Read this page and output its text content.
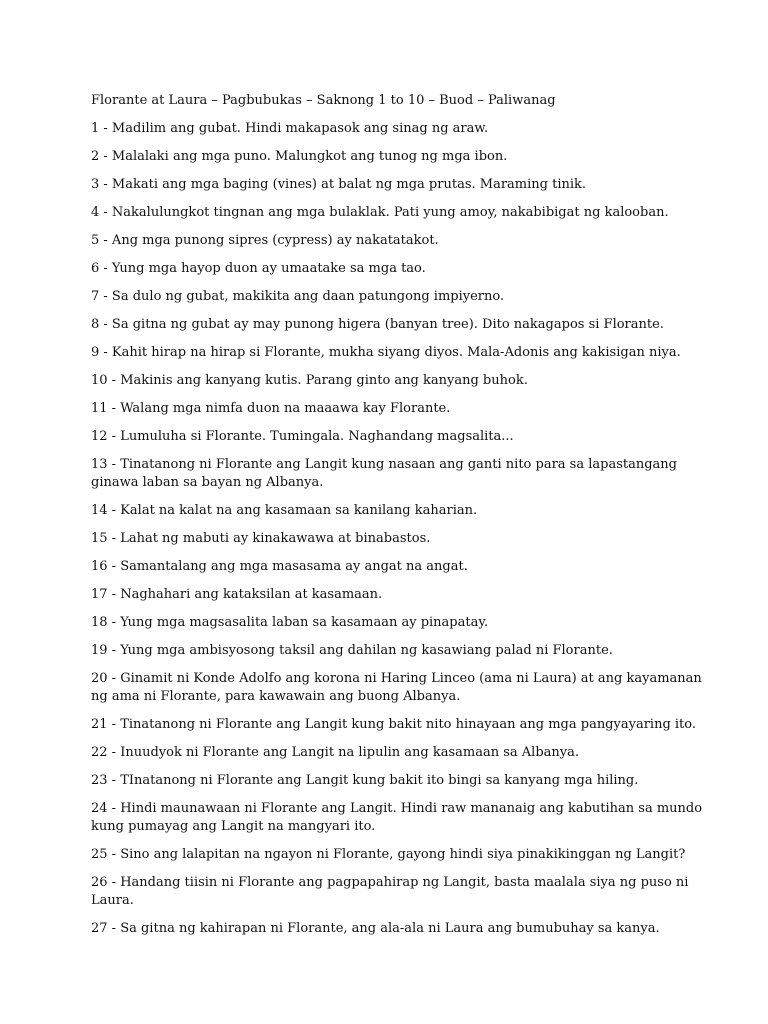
Florante at Laura – Pagbubukas – Saknong 1 to 10 – Buod – Paliwanag
1 - Madilim ang gubat. Hindi makapasok ang sinag ng araw.
2 - Malalaki ang mga puno. Malungkot ang tunog ng mga ibon.
3 - Makati ang mga baging (vines) at balat ng mga prutas. Maraming tinik.
4 - Nakalulungkot tingnan ang mga bulaklak. Pati yung amoy, nakabibigat ng kalooban.
5 - Ang mga punong sipres (cypress) ay nakatatakot.
6 - Yung mga hayop duon ay umaatake sa mga tao.
7 - Sa dulo ng gubat, makikita ang daan patungong impiyerno.
8 - Sa gitna ng gubat ay may punong higera (banyan tree). Dito nakagapos si Florante.
9 - Kahit hirap na hirap si Florante, mukha siyang diyos. Mala-Adonis ang kakisigan niya.
10 - Makinis ang kanyang kutis. Parang ginto ang kanyang buhok.
11 - Walang mga nimfa duon na maaawa kay Florante.
12 - Lumuluha si Florante. Tumingala. Naghandang magsalita...
13 - Tinatanong ni Florante ang Langit kung nasaan ang ganti nito para sa lapastangang ginawa laban sa bayan ng Albanya.
14 - Kalat na kalat na ang kasamaan sa kanilang kaharian.
15 - Lahat ng mabuti ay kinakawawa at binabastos.
16 - Samantalang ang mga masasama ay angat na angat.
17 - Naghahari ang kataksilan at kasamaan.
18 - Yung mga magsasalita laban sa kasamaan ay pinapatay.
19 - Yung mga ambisyosong taksil ang dahilan ng kasawiang palad ni Florante.
20 - Ginamit ni Konde Adolfo ang korona ni Haring Linceo (ama ni Laura) at ang kayamanan ng ama ni Florante, para kawawain ang buong Albanya.
21 - Tinatanong ni Florante ang Langit kung bakit nito hinayaan ang mga pangyayaring ito.
22 - Inuudyok ni Florante ang Langit na lipulin ang kasamaan sa Albanya.
23 - TInatanong ni Florante ang Langit kung bakit ito bingi sa kanyang mga hiling.
24 - Hindi maunawaan ni Florante ang Langit. Hindi raw mananaig ang kabutihan sa mundo kung pumayag ang Langit na mangyari ito.
25 - Sino ang lalapitan na ngayon ni Florante, gayong hindi siya pinakikinggan ng Langit?
26 - Handang tiisin ni Florante ang pagpapahirap ng Langit, basta maalala siya ng puso ni Laura.
27 - Sa gitna ng kahirapan ni Florante, ang ala-ala ni Laura ang bumubuhay sa kanya.
